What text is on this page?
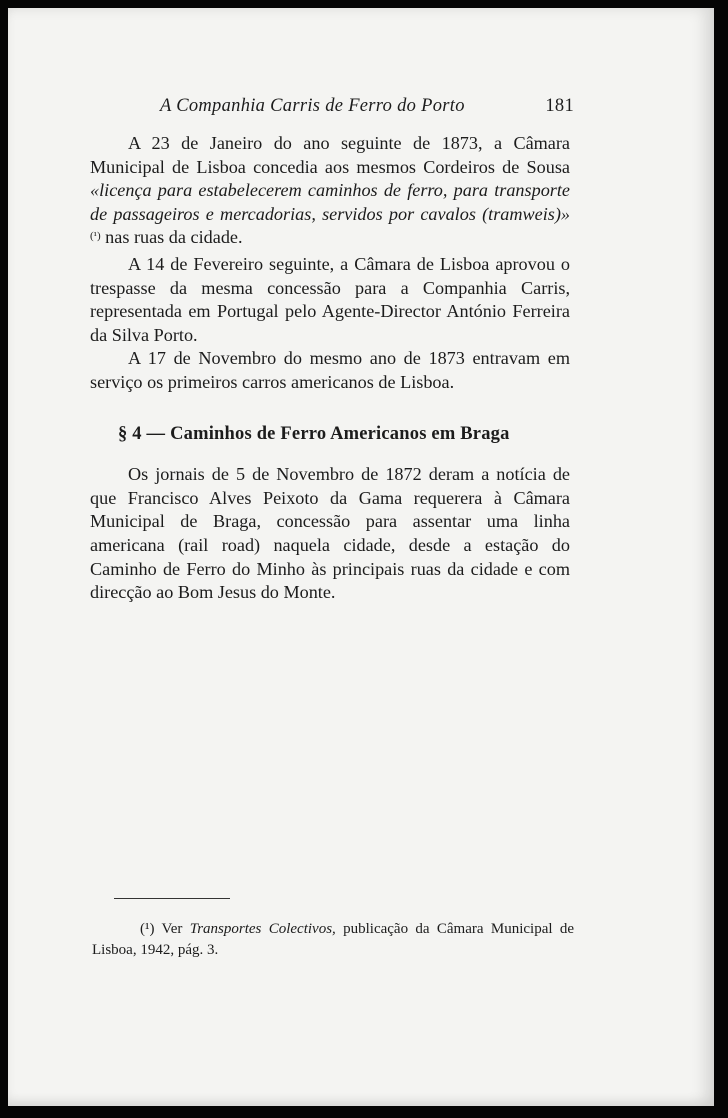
A Companhia Carris de Ferro do Porto	181

A 23 de Janeiro do ano seguinte de 1873, a Câmara Municipal de Lisboa concedia aos mesmos Cordeiros de Sousa «licença para estabelecerem caminhos de ferro, para transporte de passageiros e mercadorias, servidos por cavalos (tramweis)» $^{(^1)}$ nas ruas da cidade.

A 14 de Fevereiro seguinte, a Câmara de Lisboa aprovou o trespasse da mesma concessão para a Companhia Carris, representada em Portugal pelo Agente-Director António Ferreira da Silva Porto.

A 17 de Novembro do mesmo ano de 1873 entravam em serviço os primeiros carros americanos de Lisboa.

§ 4 — Caminhos de Ferro Americanos em Braga

Os jornais de 5 de Novembro de 1872 deram a notícia de que Francisco Alves Peixoto da Gama requerera à Câmara Municipal de Braga, concessão para assentar uma linha americana (rail road) naquela cidade, desde a estação do Caminho de Ferro do Minho às principais ruas da cidade e com direcção ao Bom Jesus do Monte.

(¹) Ver Transportes Colectivos, publicação da Câmara Municipal de Lisboa, 1942, pág. 3.
